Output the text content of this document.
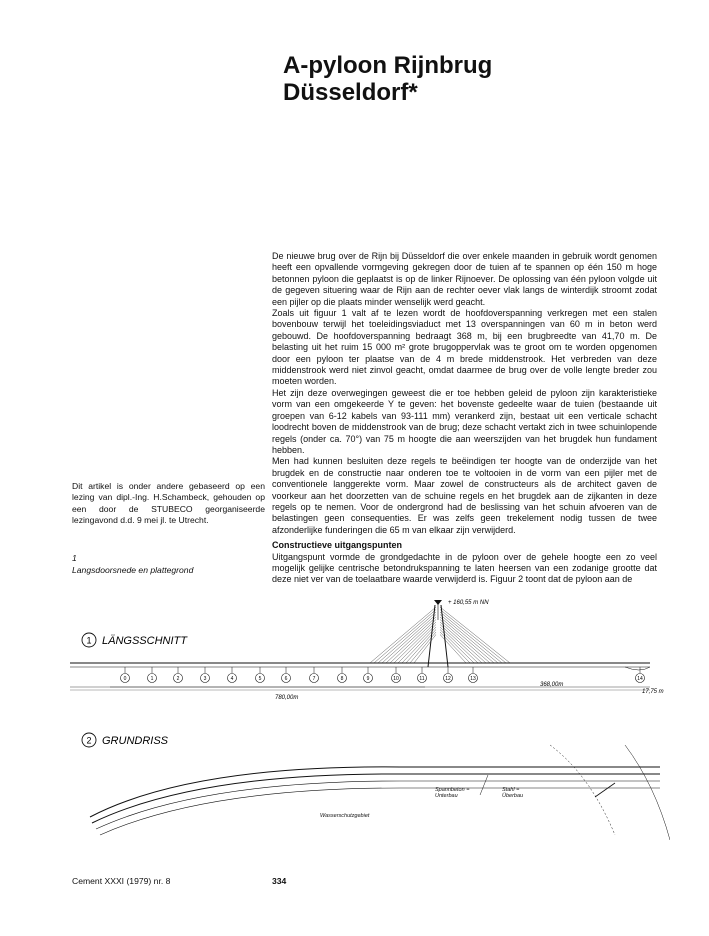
A-pyloon Rijnbrug
Düsseldorf*

De nieuwe brug over de Rijn bij Düsseldorf die over enkele maanden in gebruik wordt genomen heeft een opvallende vormgeving gekregen door de tuien af te spannen op één 150 m hoge betonnen pyloon die geplaatst is op de linker Rijnoever. De oplossing van één pyloon volgde uit de gegeven situering waar de Rijn aan de rechter oever vlak langs de winterdijk stroomt zodat een pijler op die plaats minder wenselijk werd geacht.

Zoals uit figuur 1 valt af te lezen wordt de hoofdoverspanning verkregen met een stalen bovenbouw terwijl het toeleidingsviaduct met 13 overspanningen van 60 m in beton werd gebouwd. De hoofdoverspanning bedraagt 368 m, bij een brugbreedte van 41,70 m. De belasting uit het ruim 15 000 m² grote brugoppervlak was te groot om te worden opgenomen door een pyloon ter plaatse van de 4 m brede middenstrook. Het verbreden van deze middenstrook werd niet zinvol geacht, omdat daarmee de brug over de volle lengte breder zou moeten worden.

Het zijn deze overwegingen geweest die er toe hebben geleid de pyloon zijn karakteristieke vorm van een omgekeerde Y te geven: het bovenste gedeelte waar de tuien (bestaande uit groepen van 6-12 kabels van 93-111 mm) verankerd zijn, bestaat uit een verticale schacht loodrecht boven de middenstrook van de brug; deze schacht vertakt zich in twee schuinlopende regels (onder ca. 70°) van 75 m hoogte die aan weerszijden van het brugdek hun fundament hebben.

Men had kunnen besluiten deze regels te beëindigen ter hoogte van de onderzijde van het brugdek en de constructie naar onderen toe te voltooien in de vorm van een pijler met de conventionele langgerekte vorm. Maar zowel de constructeurs als de architect gaven de voorkeur aan het doorzetten van de schuine regels en het brugdek aan de zijkanten in deze regels op te nemen. Voor de ondergrond had de beslissing van het schuin afvoeren van de belastingen geen consequenties. Er was zelfs geen trekelement nodig tussen de twee afzonderlijke funderingen die 65 m van elkaar zijn verwijderd.

Constructieve uitgangspunten

Uitgangspunt vormde de grondgedachte in de pyloon over de gehele hoogte een zo veel mogelijk gelijke centrische betondrukspanning te laten heersen van een zodanige grootte dat deze niet ver van de toelaatbare waarde verwijderd is. Figuur 2 toont dat de pyloon aan de

Dit artikel is onder andere gebaseerd op een lezing van dipl.-Ing. H.Schambeck, gehouden op een door de STUBECO georganiseerde lezingavond d.d. 9 mei jl. te Utrecht.
1
Langsdoorsnede en plattegrond
+ 160,55 m NN
1 LÄNGSSCHNITT
0	1	2	3	4	5	6	7	8	9	10	11	12	13	14
780,00m
368,00m
17,75 m
2 GRUNDRISS
Spannbeton =
Unterbau
Stahl =
Überbau
Wasserschutzgebiet
Cement XXXI (1979) nr. 8	334
